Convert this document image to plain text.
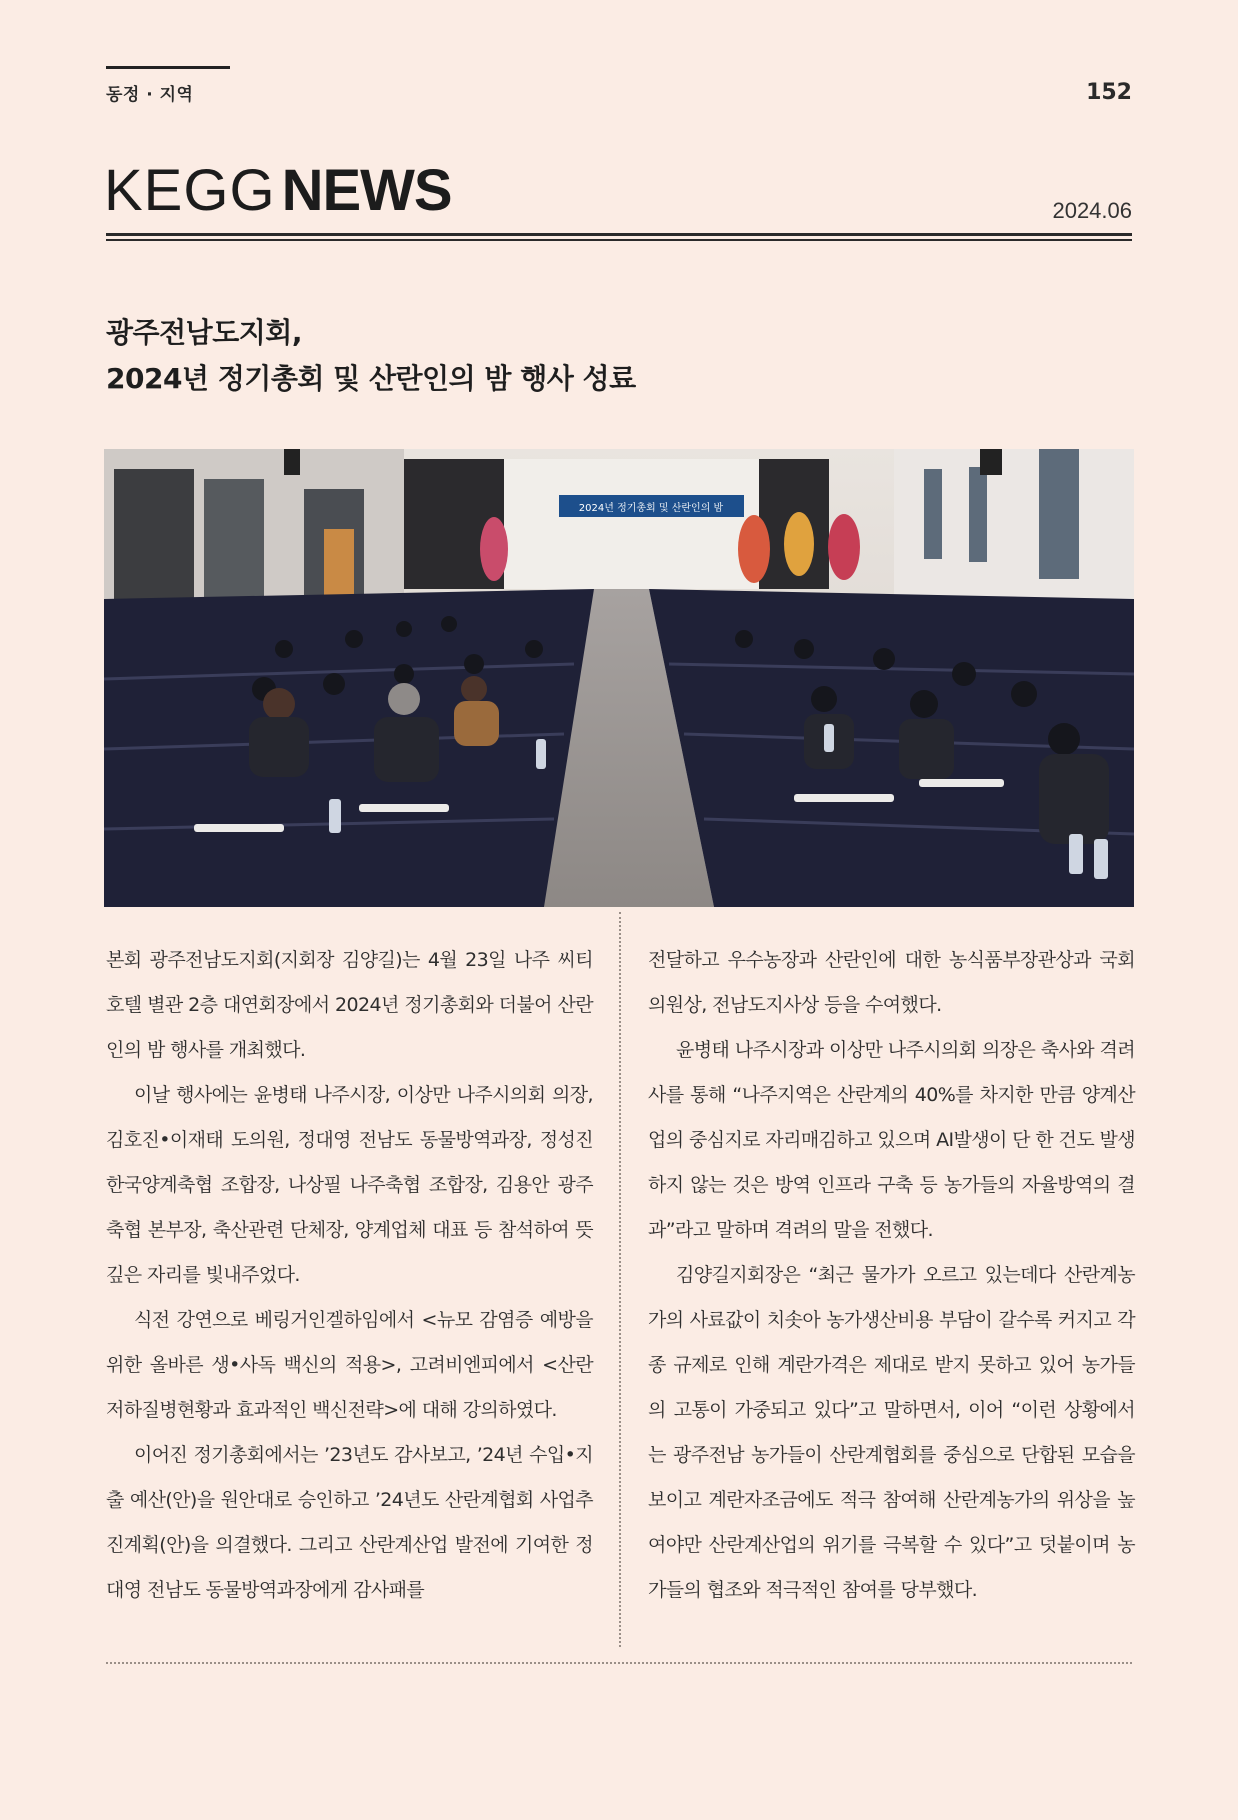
동정 · 지역	152
KEGG NEWS	2024.06
광주전남도지회,
2024년 정기총회 및 산란인의 밤 행사 성료
2024년 정기총회 및 산란인의 밤

본회 광주전남도지회(지회장 김양길)는 4월 23일 나주 씨티호텔 별관 2층 대연회장에서 2024년 정기총회와 더불어 산란인의 밤 행사를 개최했다.

이날 행사에는 윤병태 나주시장, 이상만 나주시의회 의장, 김호진•이재태 도의원, 정대영 전남도 동물방역과장, 정성진 한국양계축협 조합장, 나상필 나주축협 조합장, 김용안 광주축협 본부장, 축산관련 단체장, 양계업체 대표 등 참석하여 뜻깊은 자리를 빛내주었다.

식전 강연으로 베링거인겔하임에서 <뉴모 감염증 예방을 위한 올바른 생•사독 백신의 적용>, 고려비엔피에서 <산란저하질병현황과 효과적인 백신전략>에 대해 강의하였다.

이어진 정기총회에서는 ’23년도 감사보고, ’24년 수입•지출 예산(안)을 원안대로 승인하고 ’24년도 산란계협회 사업추진계획(안)을 의결했다. 그리고 산란계산업 발전에 기여한 정대영 전남도 동물방역과장에게 감사패를

전달하고 우수농장과 산란인에 대한 농식품부장관상과 국회의원상, 전남도지사상 등을 수여했다.

윤병태 나주시장과 이상만 나주시의회 의장은 축사와 격려사를 통해 “나주지역은 산란계의 40%를 차지한 만큼 양계산업의 중심지로 자리매김하고 있으며 AI발생이 단 한 건도 발생하지 않는 것은 방역 인프라 구축 등 농가들의 자율방역의 결과”라고 말하며 격려의 말을 전했다.

김양길지회장은 “최근 물가가 오르고 있는데다 산란계농가의 사료값이 치솟아 농가생산비용 부담이 갈수록 커지고 각종 규제로 인해 계란가격은 제대로 받지 못하고 있어 농가들의 고통이 가중되고 있다”고 말하면서, 이어 “이런 상황에서는 광주전남 농가들이 산란계협회를 중심으로 단합된 모습을 보이고 계란자조금에도 적극 참여해 산란계농가의 위상을 높여야만 산란계산업의 위기를 극복할 수 있다”고 덧붙이며 농가들의 협조와 적극적인 참여를 당부했다.
